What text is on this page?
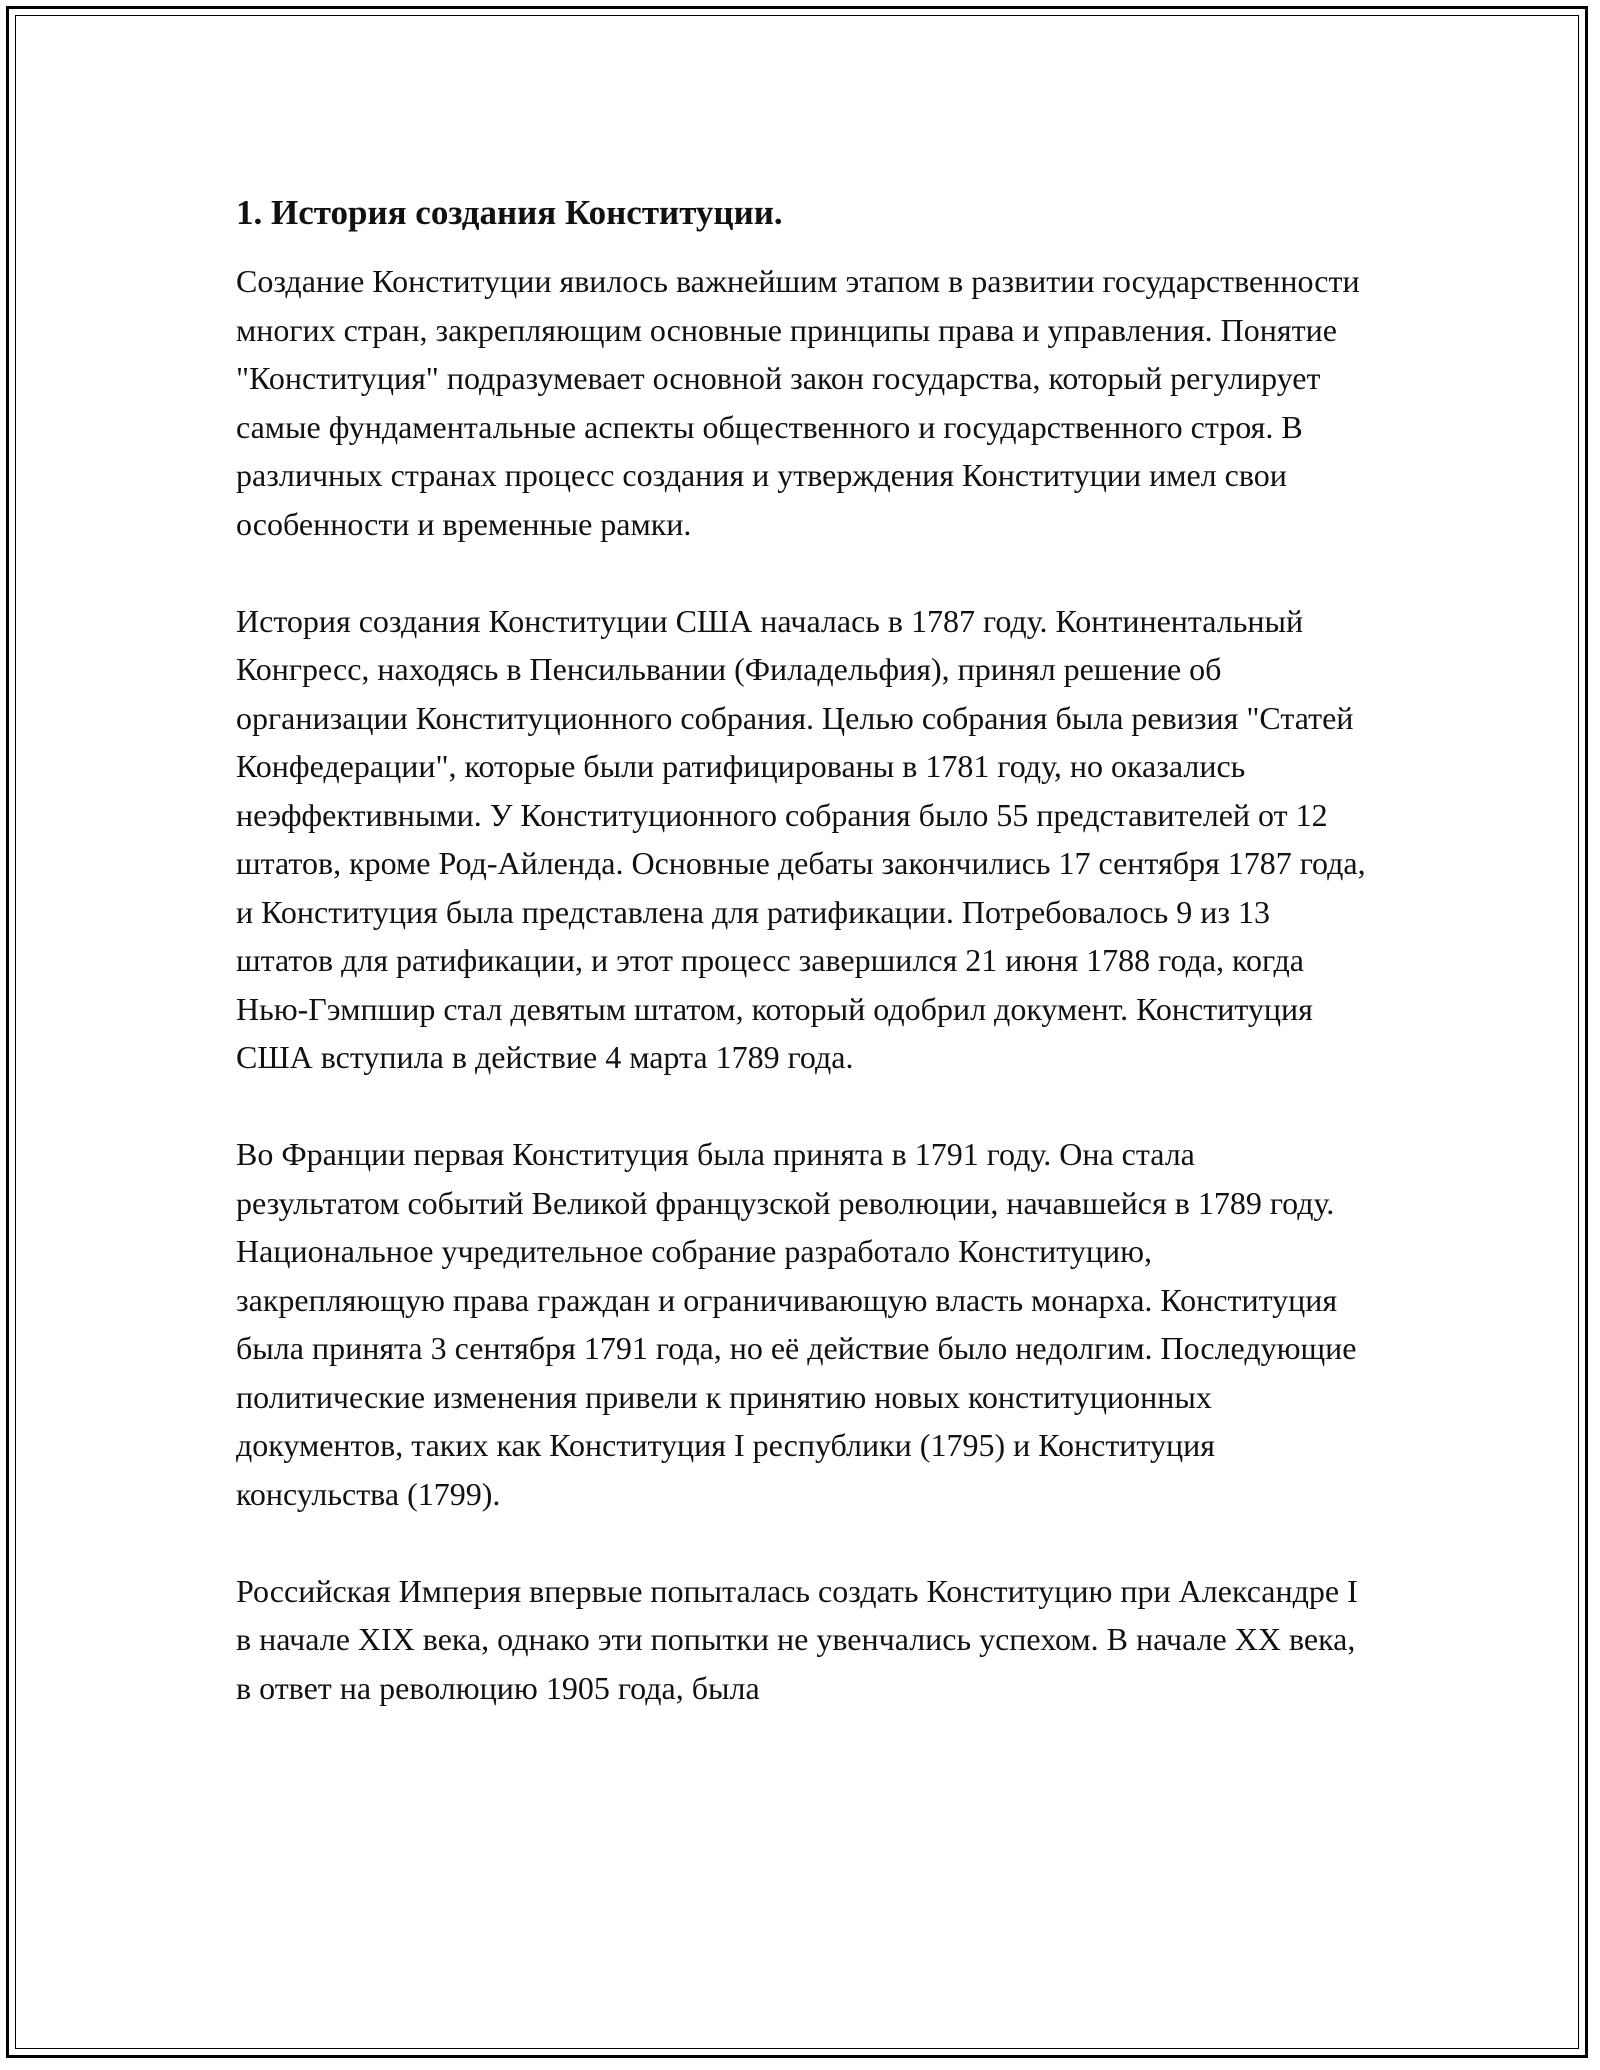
1. История создания Конституции.

Создание Конституции явилось важнейшим этапом в развитии государственности многих стран, закрепляющим основные принципы права и управления. Понятие "Конституция" подразумевает основной закон государства, который регулирует самые фундаментальные аспекты общественного и государственного строя. В различных странах процесс создания и утверждения Конституции имел свои особенности и временные рамки.

История создания Конституции США началась в 1787 году. Континентальный Конгресс, находясь в Пенсильвании (Филадельфия), принял решение об организации Конституционного собрания. Целью собрания была ревизия "Статей Конфедерации", которые были ратифицированы в 1781 году, но оказались неэффективными. У Конституционного собрания было 55 представителей от 12 штатов, кроме Род-Айленда. Основные дебаты закончились 17 сентября 1787 года, и Конституция была представлена для ратификации. Потребовалось 9 из 13 штатов для ратификации, и этот процесс завершился 21 июня 1788 года, когда Нью-Гэмпшир стал девятым штатом, который одобрил документ. Конституция США вступила в действие 4 марта 1789 года.

Во Франции первая Конституция была принята в 1791 году. Она стала результатом событий Великой французской революции, начавшейся в 1789 году. Национальное учредительное собрание разработало Конституцию, закрепляющую права граждан и ограничивающую власть монарха. Конституция была принята 3 сентября 1791 года, но её действие было недолгим. Последующие политические изменения привели к принятию новых конституционных документов, таких как Конституция I республики (1795) и Конституция консульства (1799).

Российская Империя впервые попыталась создать Конституцию при Александре I в начале XIX века, однако эти попытки не увенчались успехом. В начале XX века, в ответ на революцию 1905 года, была
